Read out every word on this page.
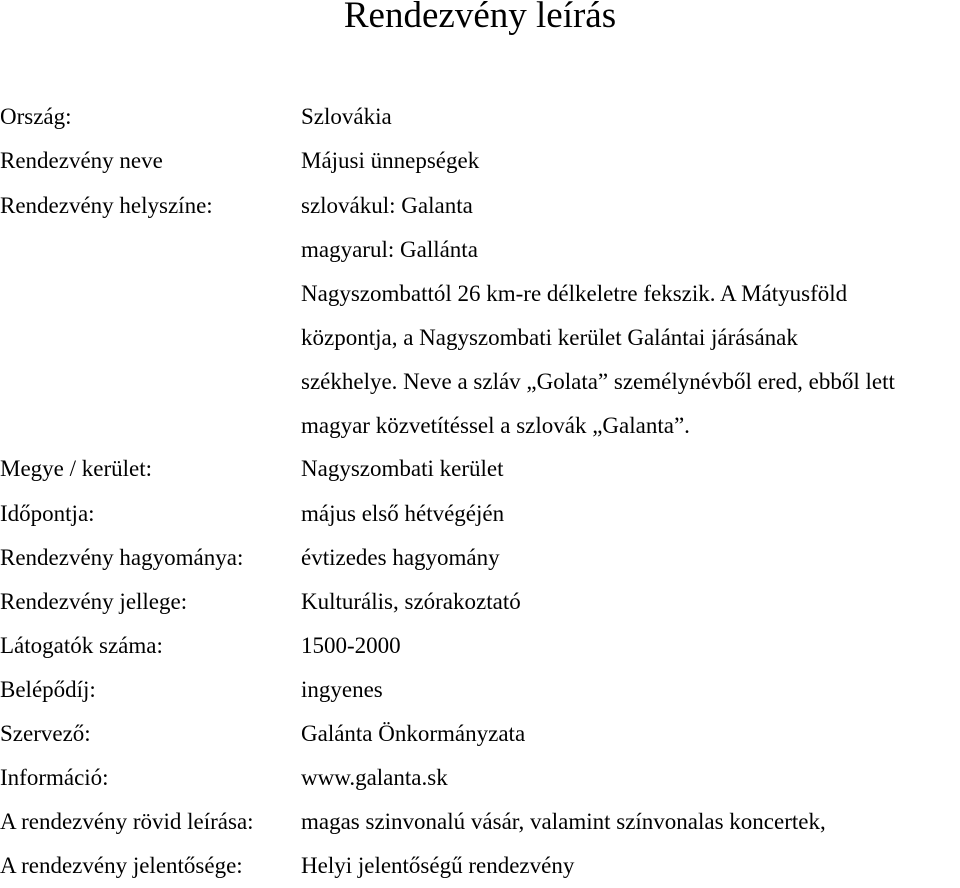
Rendezvény leírás
Ország:	Szlovákia
Rendezvény neve	Májusi ünnepségek
Rendezvény helyszíne:	szlovákul: Galanta
magyarul: Gallánta
Nagyszombattól 26 km-re délkeletre fekszik. A Mátyusföld
központja, a Nagyszombati kerület Galántai járásának
székhelye. Neve a szláv „Golata” személynévből ered, ebből lett
magyar közvetítéssel a szlovák „Galanta”.
Megye / kerület:	Nagyszombati kerület
Időpontja:	május első hétvégéjén
Rendezvény hagyománya:	évtizedes hagyomány
Rendezvény jellege:	Kulturális, szórakoztató
Látogatók száma:	1500-2000
Belépődíj:	ingyenes
Szervező:	Galánta Önkormányzata
Információ:	www.galanta.sk
A rendezvény rövid leírása: magas szinvonalú vásár, valamint színvonalas koncertek,
A rendezvény jelentősége:	Helyi jelentőségű rendezvény
